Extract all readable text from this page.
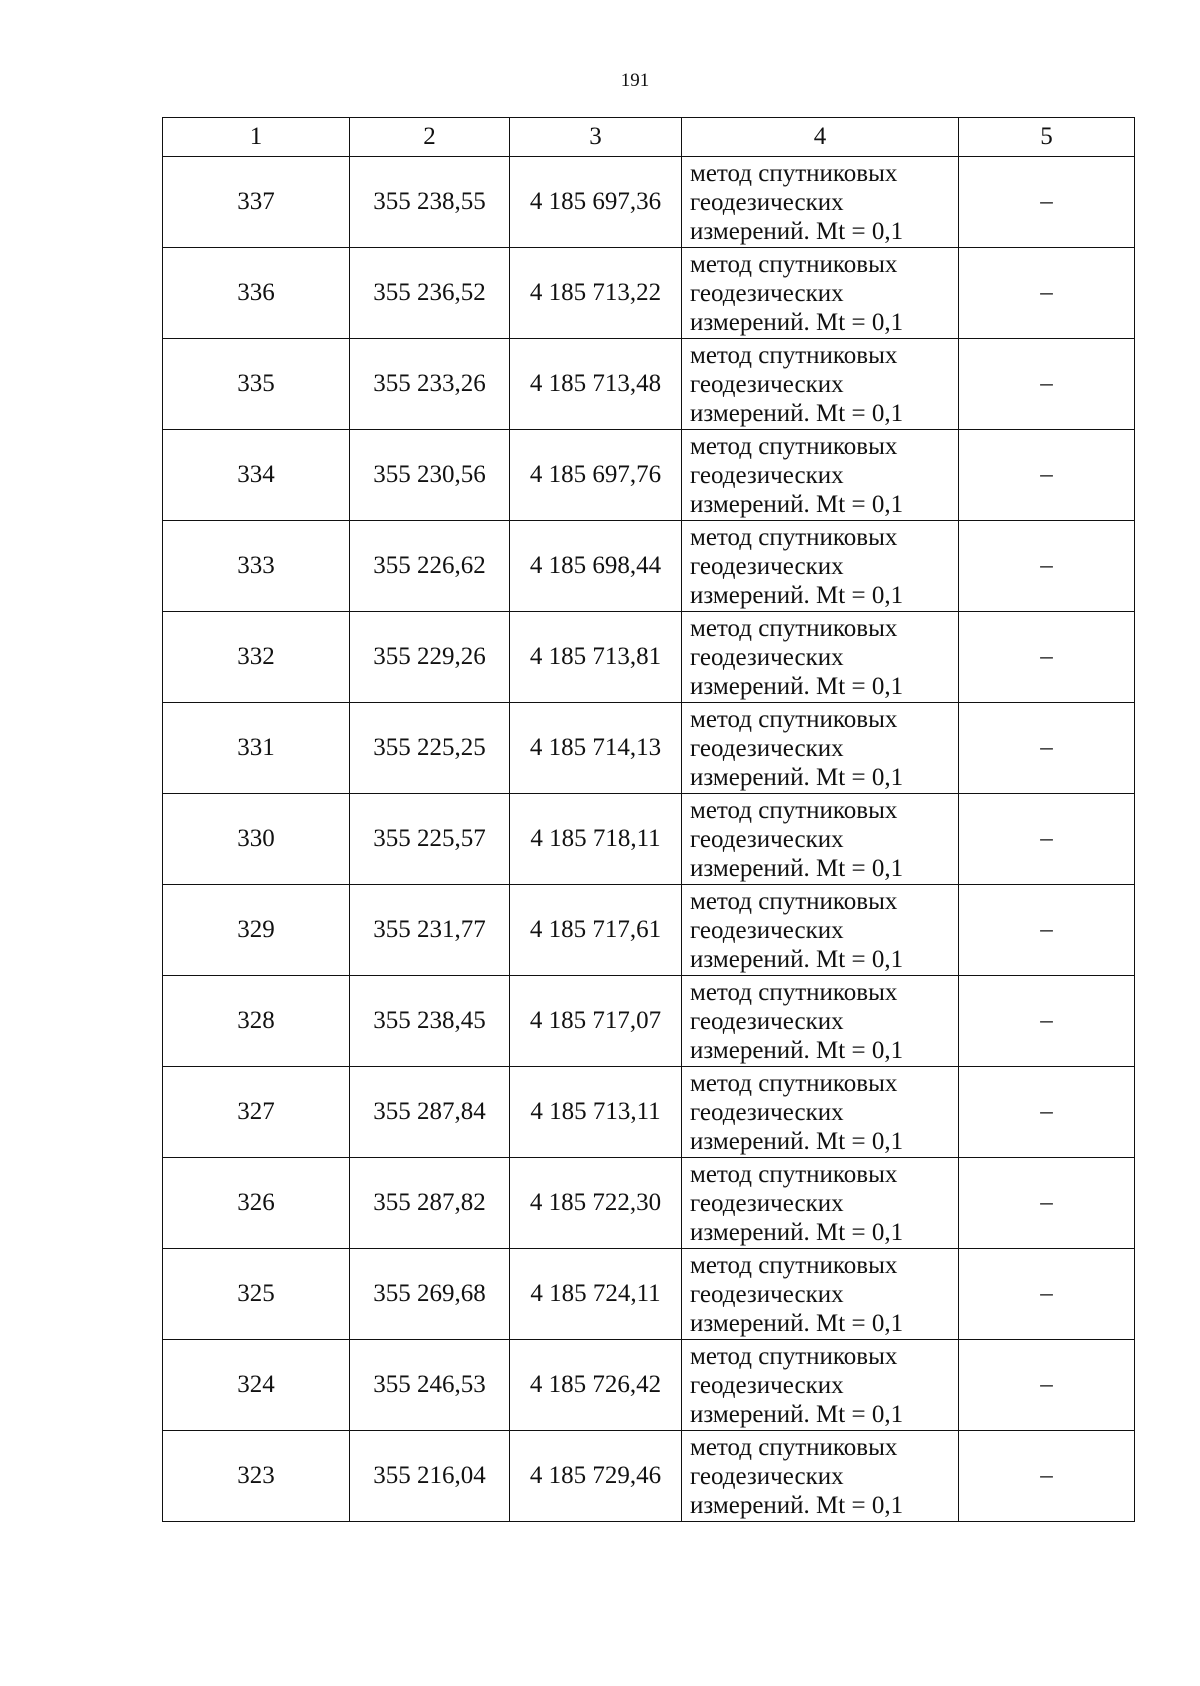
191
1	2	3	4	5
337	355 238,55	4 185 697,36	метод спутниковых
геодезических
измерений. Mt = 0,1	–
336	355 236,52	4 185 713,22	метод спутниковых
геодезических
измерений. Mt = 0,1	–
335	355 233,26	4 185 713,48	метод спутниковых
геодезических
измерений. Mt = 0,1	–
334	355 230,56	4 185 697,76	метод спутниковых
геодезических
измерений. Mt = 0,1	–
333	355 226,62	4 185 698,44	метод спутниковых
геодезических
измерений. Mt = 0,1	–
332	355 229,26	4 185 713,81	метод спутниковых
геодезических
измерений. Mt = 0,1	–
331	355 225,25	4 185 714,13	метод спутниковых
геодезических
измерений. Mt = 0,1	–
330	355 225,57	4 185 718,11	метод спутниковых
геодезических
измерений. Mt = 0,1	–
329	355 231,77	4 185 717,61	метод спутниковых
геодезических
измерений. Mt = 0,1	–
328	355 238,45	4 185 717,07	метод спутниковых
геодезических
измерений. Mt = 0,1	–
327	355 287,84	4 185 713,11	метод спутниковых
геодезических
измерений. Mt = 0,1	–
326	355 287,82	4 185 722,30	метод спутниковых
геодезических
измерений. Mt = 0,1	–
325	355 269,68	4 185 724,11	метод спутниковых
геодезических
измерений. Mt = 0,1	–
324	355 246,53	4 185 726,42	метод спутниковых
геодезических
измерений. Mt = 0,1	–
323	355 216,04	4 185 729,46	метод спутниковых
геодезических
измерений. Mt = 0,1	–
